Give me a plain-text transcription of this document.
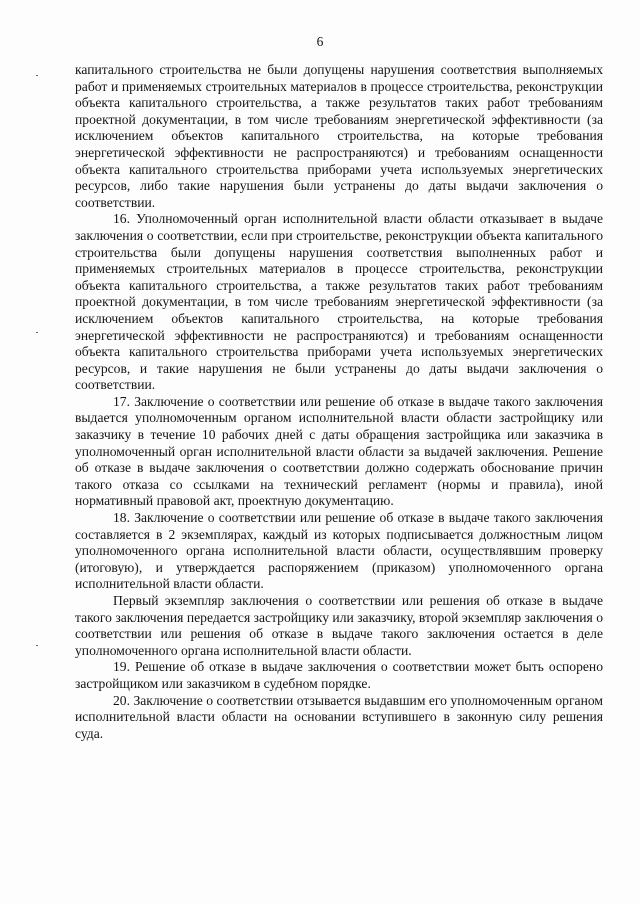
6

капитального строительства не были допущены нарушения соответствия выполняемых работ и применяемых строительных материалов в процессе строительства, реконструкции объекта капитального строительства, а также результатов таких работ требованиям проектной документации, в том числе требованиям энергетической эффективности (за исключением объектов капитального строительства, на которые требования энергетической эффективности не распространяются) и требованиям оснащенности объекта капитального строительства приборами учета используемых энергетических ресурсов, либо такие нарушения были устранены до даты выдачи заключения о соответствии.

16. Уполномоченный орган исполнительной власти области отказывает в выдаче заключения о соответствии, если при строительстве, реконструкции объекта капитального строительства были допущены нарушения соответствия выполненных работ и применяемых строительных материалов в процессе строительства, реконструкции объекта капитального строительства, а также результатов таких работ требованиям проектной документации, в том числе требованиям энергетической эффективности (за исключением объектов капитального строительства, на которые требования энергетической эффективности не распространяются) и требованиям оснащенности объекта капитального строительства приборами учета используемых энергетических ресурсов, и такие нарушения не были устранены до даты выдачи заключения о соответствии.

17. Заключение о соответствии или решение об отказе в выдаче такого заключения выдается уполномоченным органом исполнительной власти области застройщику или заказчику в течение 10 рабочих дней с даты обращения застройщика или заказчика в уполномоченный орган исполнительной власти области за выдачей заключения. Решение об отказе в выдаче заключения о соответствии должно содержать обоснование причин такого отказа со ссылками на технический регламент (нормы и правила), иной нормативный правовой акт, проектную документацию.

18. Заключение о соответствии или решение об отказе в выдаче такого заключения составляется в 2 экземплярах, каждый из которых подписывается должностным лицом уполномоченного органа исполнительной власти области, осуществлявшим проверку (итоговую), и утверждается распоряжением (приказом) уполномоченного органа исполнительной власти области.

Первый экземпляр заключения о соответствии или решения об отказе в выдаче такого заключения передается застройщику или заказчику, второй экземпляр заключения о соответствии или решения об отказе в выдаче такого заключения остается в деле уполномоченного органа исполнительной власти области.

19. Решение об отказе в выдаче заключения о соответствии может быть оспорено застройщиком или заказчиком в судебном порядке.

20. Заключение о соответствии отзывается выдавшим его уполномоченным органом исполнительной власти области на основании вступившего в законную силу решения суда.
